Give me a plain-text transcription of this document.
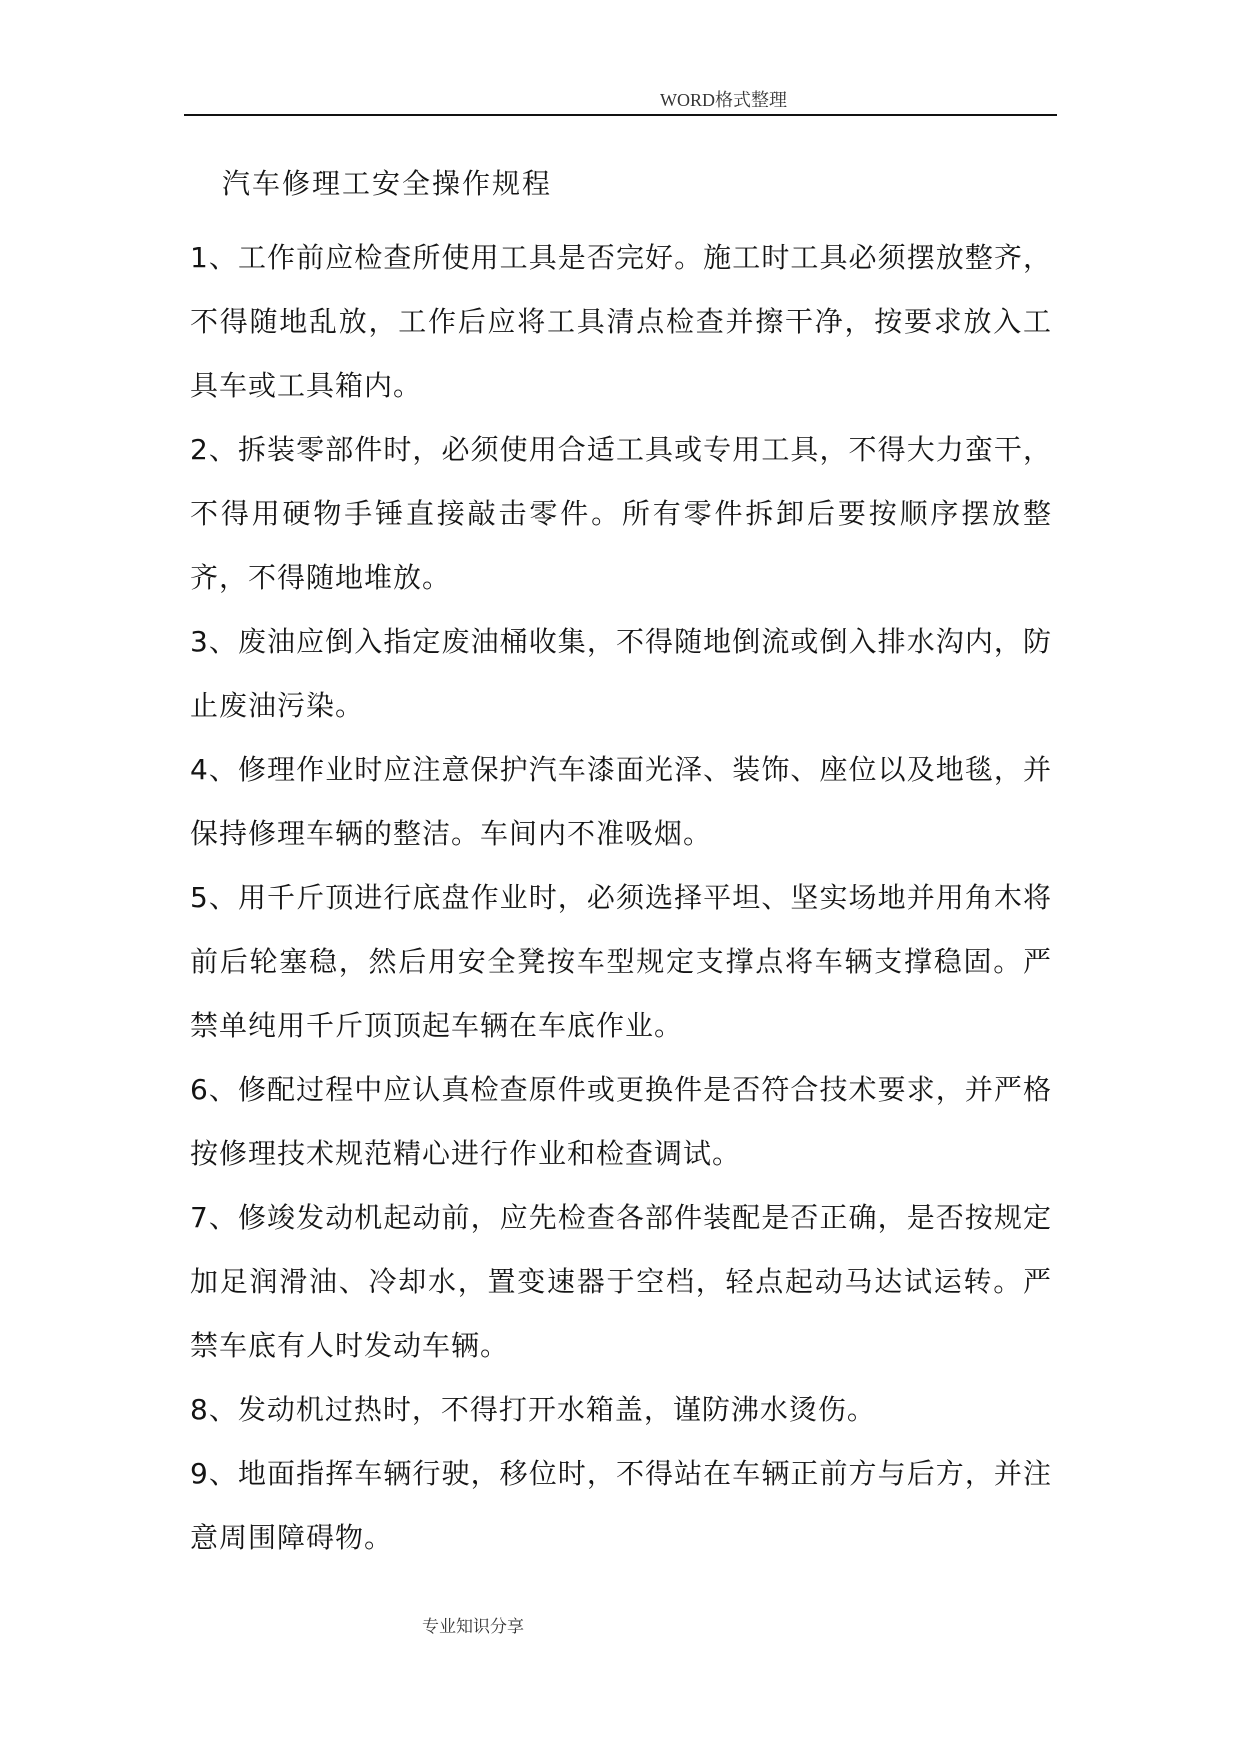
WORD格式整理
汽车修理工安全操作规程

1、工作前应检查所使用工具是否完好。施工时工具必须摆放整齐，不得随地乱放，工作后应将工具清点检查并擦干净，按要求放入工具车或工具箱内。

2、拆装零部件时，必须使用合适工具或专用工具，不得大力蛮干，不得用硬物手锤直接敲击零件。所有零件拆卸后要按顺序摆放整齐，不得随地堆放。

3、废油应倒入指定废油桶收集，不得随地倒流或倒入排水沟内，防止废油污染。

4、修理作业时应注意保护汽车漆面光泽、装饰、座位以及地毯，并保持修理车辆的整洁。车间内不准吸烟。

5、用千斤顶进行底盘作业时，必须选择平坦、坚实场地并用角木将前后轮塞稳，然后用安全凳按车型规定支撑点将车辆支撑稳固。严禁单纯用千斤顶顶起车辆在车底作业。

6、修配过程中应认真检查原件或更换件是否符合技术要求，并严格按修理技术规范精心进行作业和检查调试。

7、修竣发动机起动前，应先检查各部件装配是否正确，是否按规定加足润滑油、冷却水，置变速器于空档，轻点起动马达试运转。严禁车底有人时发动车辆。

8、发动机过热时，不得打开水箱盖，谨防沸水烫伤。

9、地面指挥车辆行驶，移位时，不得站在车辆正前方与后方，并注意周围障碍物。

专业知识分享
